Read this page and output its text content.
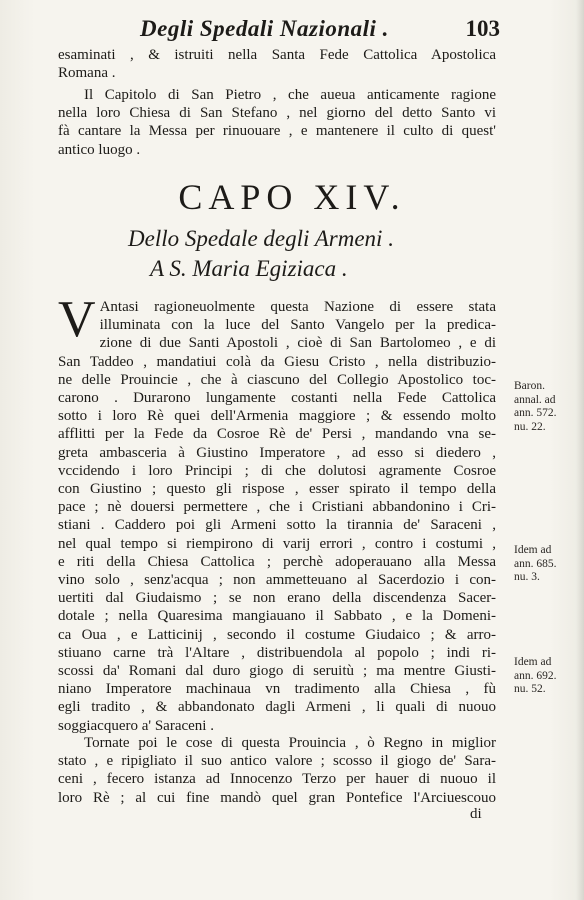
Degli Spedali Nazionali .	103
esaminati , & istruiti nella Santa Fede Cattolica Apostolica
Romana .
Il Capitolo di San Pietro , che aueua anticamente ragione
nella loro Chiesa di San Stefano , nel giorno del detto Santo vi
fà cantare la Messa per rinuouare , e mantenere il culto di quest'
antico luogo .
CAPO XIV.
Dello Spedale degli Armeni .
A S. Maria Egiziaca .
V Antasi ragioneuolmente questa Nazione di essere stata
illuminata con la luce del Santo Vangelo per la predica-
zione di due Santi Apostoli , cioè di San Bartolomeo , e di
San Taddeo , mandatiui colà da Giesu Cristo , nella distribuzio-
ne delle Prouincie , che à ciascuno del Collegio Apostolico toc-
carono . Durarono lungamente costanti nella Fede Cattolica
sotto i loro Rè quei dell'Armenia maggiore ; & essendo molto
afflitti per la Fede da Cosroe Rè de' Persi , mandando vna se-
greta ambasceria à Giustino Imperatore , ad esso si diedero ,
vccidendo i loro Principi ; di che dolutosi agramente Cosroe
con Giustino ; questo gli rispose , esser spirato il tempo della
pace ; nè douersi permettere , che i Cristiani abbandonino i Cri-
stiani . Caddero poi gli Armeni sotto la tirannia de' Saraceni ,
nel qual tempo si riempirono di varij errori , contro i costumi ,
e riti della Chiesa Cattolica ; perchè adoperauano alla Messa
vino solo , senz'acqua ; non ammetteuano al Sacerdozio i con-
uertiti dal Giudaismo ; se non erano della discendenza Sacer-
dotale ; nella Quaresima mangiauano il Sabbato , e la Domeni-
ca Oua , e Latticinij , secondo il costume Giudaico ; & arro-
stiuano carne trà l'Altare , distribuendola al popolo ; indi ri-
scossi da' Romani dal duro giogo di seruitù ; ma mentre Giusti-
niano Imperatore machinaua vn tradimento alla Chiesa , fù
egli tradito , & abbandonato dagli Armeni , li quali di nuouo
soggiacquero a' Saraceni .
Tornate poi le cose di questa Prouincia , ò Regno in miglior
stato , e ripigliato il suo antico valore ; scosso il giogo de' Sara-
ceni , fecero istanza ad Innocenzo Terzo per hauer di nuouo il
loro Rè ; al cui fine mandò quel gran Pontefice l'Arciuescouo
di
Baron.
annal. ad
ann. 572.
nu. 22.
Idem ad
ann. 685.
nu. 3.
Idem ad
ann. 692.
nu. 52.
